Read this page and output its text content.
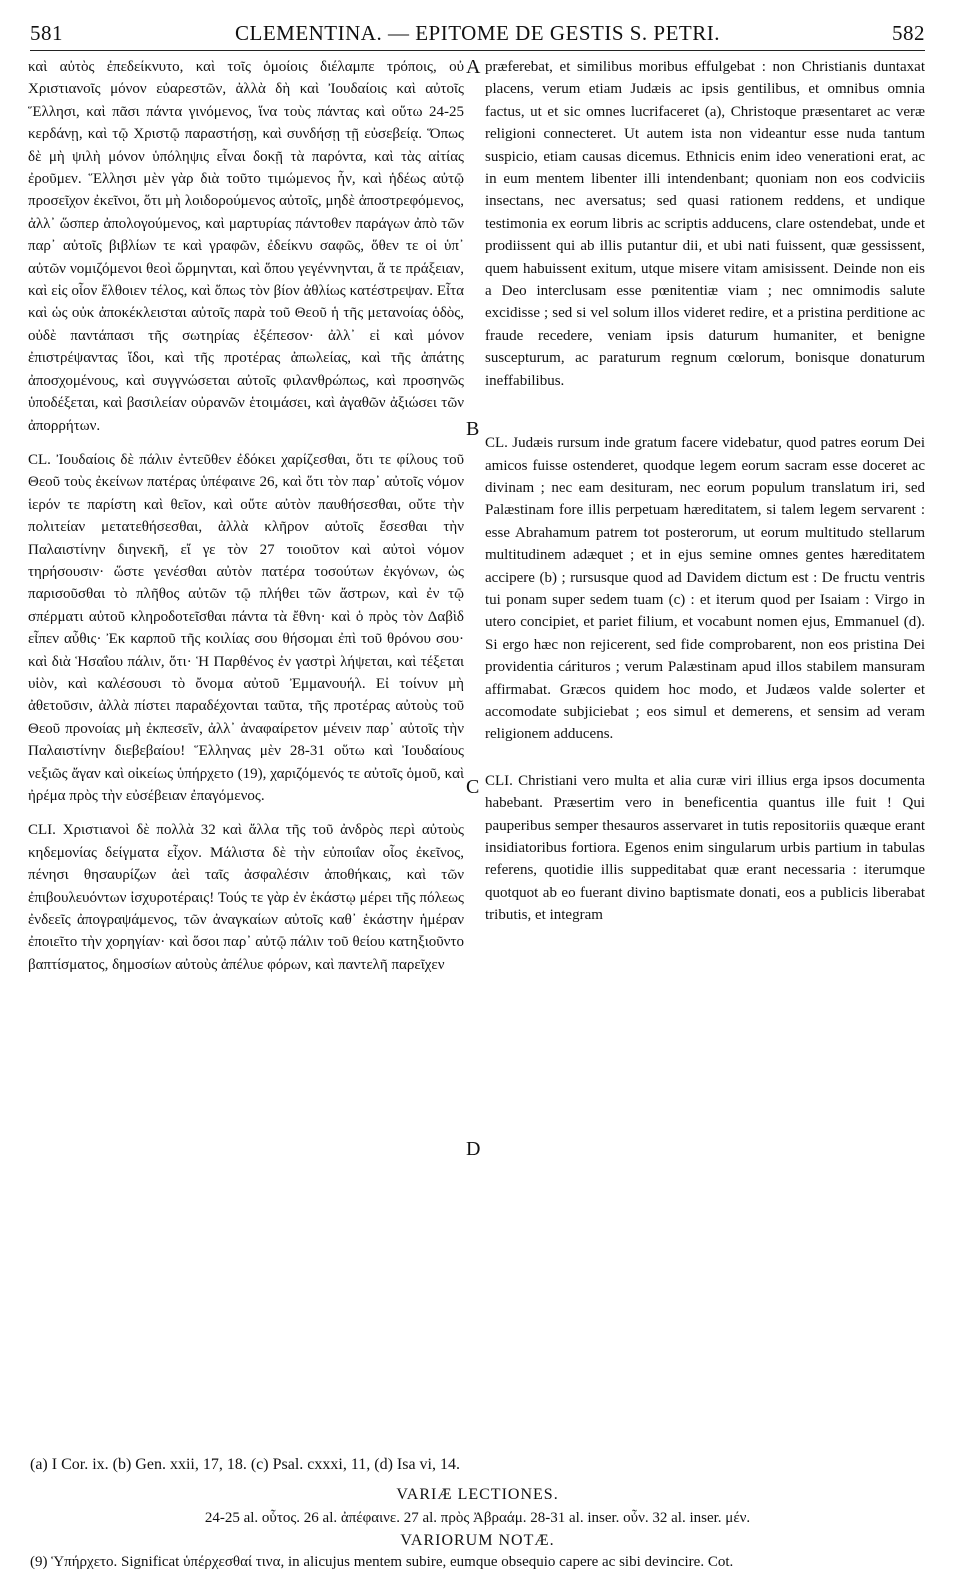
581	CLEMENTINA. — EPITOME DE GESTIS S. PETRI.	582
A
B
C
D

καὶ αὐτὸς ἐπεδείκνυτο, καὶ τοῖς ὁμοίοις διέλαμπε τρόποις, οὐ Χριστιανοῖς μόνον εὐαρεστῶν, ἀλλὰ δὴ καὶ Ἰουδαίοις καὶ αὐτοῖς Ἕλλησι, καὶ πᾶσι πάντα γινόμενος, ἵνα τοὺς πάντας καὶ οὕτω 24-25 κερδάνῃ, καὶ τῷ Χριστῷ παραστήσῃ, καὶ συνδήσῃ τῇ εὐσεβείᾳ. Ὅπως δὲ μὴ ψιλὴ μόνον ὑπόληψις εἶναι δοκῇ τὰ παρόντα, καὶ τὰς αἰτίας ἐροῦμεν. Ἕλλησι μὲν γὰρ διὰ τοῦτο τιμώμενος ἦν, καὶ ἡδέως αὐτῷ προσεῖχον ἐκεῖνοι, ὅτι μὴ λοιδορούμενος αὐτοῖς, μηδὲ ἀποστρεφόμενος, ἀλλ᾽ ὥσπερ ἀπολογούμενος, καὶ μαρτυρίας πάντοθεν παράγων ἀπὸ τῶν παρ᾽ αὐτοῖς βιβλίων τε καὶ γραφῶν, ἐδείκνυ σαφῶς, ὅθεν τε οἱ ὑπ᾽ αὐτῶν νομιζόμενοι θεοὶ ὥρμηνται, καὶ ὅπου γεγέννηνται, ἅ τε πράξειαν, καὶ εἰς οἷον ἔλθοιεν τέλος, καὶ ὅπως τὸν βίον ἀθλίως κατέστρεψαν. Εἶτα καὶ ὡς οὐκ ἀποκέκλεισται αὐτοῖς παρὰ τοῦ Θεοῦ ἡ τῆς μετανοίας ὁδὸς, οὐδὲ παντάπασι τῆς σωτηρίας ἐξέπεσον· ἀλλ᾽ εἰ καὶ μόνον ἐπιστρέψαντας ἴδοι, καὶ τῆς προτέρας ἀπωλείας, καὶ τῆς ἀπάτης ἀποσχομένους, καὶ συγγνώσεται αὐτοῖς φιλανθρώπως, καὶ προσηνῶς ὑποδέξεται, καὶ βασιλείαν οὐρανῶν ἑτοιμάσει, καὶ ἀγαθῶν ἀξιώσει τῶν ἀπορρήτων.

CL. Ἰουδαίοις δὲ πάλιν ἐντεῦθεν ἐδόκει χαρίζεσθαι, ὅτι τε φίλους τοῦ Θεοῦ τοὺς ἐκείνων πατέρας ὑπέφαινε 26, καὶ ὅτι τὸν παρ᾽ αὐτοῖς νόμον ἱερόν τε παρίστη καὶ θεῖον, καὶ οὔτε αὐτὸν παυθήσεσθαι, οὔτε τὴν πολιτείαν μετατεθήσεσθαι, ἀλλὰ κλῆρον αὐτοῖς ἔσεσθαι τὴν Παλαιστίνην διηνεκῆ, εἴ γε τὸν 27 τοιοῦτον καὶ αὐτοὶ νόμον τηρήσουσιν· ὥστε γενέσθαι αὐτὸν πατέρα τοσούτων ἐκγόνων, ὡς παρισοῦσθαι τὸ πλῆθος αὐτῶν τῷ πλήθει τῶν ἄστρων, καὶ ἐν τῷ σπέρματι αὐτοῦ κληροδοτεῖσθαι πάντα τὰ ἔθνη· καὶ ὁ πρὸς τὸν Δαβὶδ εἶπεν αὖθις· Ἐκ καρποῦ τῆς κοιλίας σου θήσομαι ἐπὶ τοῦ θρόνου σου· καὶ διὰ Ἡσαΐου πάλιν, ὅτι· Ἡ Παρθένος ἐν γαστρὶ λήψεται, καὶ τέξεται υἱὸν, καὶ καλέσουσι τὸ ὄνομα αὐτοῦ Ἐμμανουήλ. Εἰ τοίνυν μὴ ἀθετοῦσιν, ἀλλὰ πίστει παραδέχονται ταῦτα, τῆς προτέρας αὐτοὺς τοῦ Θεοῦ προνοίας μὴ ἐκπεσεῖν, ἀλλ᾽ ἀναφαίρετον μένειν παρ᾽ αὐτοῖς τὴν Παλαιστίνην διεβεβαίου! Ἕλληνας μὲν 28-31 οὕτω καὶ Ἰουδαίους νεξιῶς ἄγαν καὶ οἰκείως ὑπήρχετο (19), χαριζόμενός τε αὐτοῖς ὁμοῦ, καὶ ἠρέμα πρὸς τὴν εὐσέβειαν ἐπαγόμενος.

CLI. Χριστιανοὶ δὲ πολλὰ 32 καὶ ἄλλα τῆς τοῦ ἀνδρὸς περὶ αὐτοὺς κηδεμονίας δείγματα εἶχον. Μάλιστα δὲ τὴν εὐποιΐαν οἷος ἐκεῖνος, πένησι θησαυρίζων ἀεὶ ταῖς ἀσφαλέσιν ἀποθήκαις, καὶ τῶν ἐπιβουλευόντων ἰσχυροτέραις! Τούς τε γὰρ ἐν ἑκάστῳ μέρει τῆς πόλεως ἐνδεεῖς ἀπογραψάμενος, τῶν ἀναγκαίων αὐτοῖς καθ᾽ ἑκάστην ἡμέραν ἐποιεῖτο τὴν χορηγίαν· καὶ ὅσοι παρ᾽ αὐτῷ πάλιν τοῦ θείου κατηξιοῦντο βαπτίσματος, δημοσίων αὐτοὺς ἀπέλυε φόρων, καὶ παντελῆ παρεῖχεν

præferebat, et similibus moribus effulgebat : non Christianis duntaxat placens, verum etiam Judæis ac ipsis gentilibus, et omnibus omnia factus, ut et sic omnes lucrifaceret (a), Christoque præsentaret ac veræ religioni connecteret. Ut autem ista non videantur esse nuda tantum suspicio, etiam causas dicemus. Ethnicis enim ideo venerationi erat, ac in eum mentem libenter illi intendenbant; quoniam non eos codviciis insectans, nec aversatus; sed quasi rationem reddens, et undique testimonia ex eorum libris ac scriptis adducens, clare ostendebat, unde et prodiissent qui ab illis putantur dii, et ubi nati fuissent, quæ gessissent, quem habuissent exitum, utque misere vitam amisissent. Deinde non eis a Deo interclusam esse pœnitentiæ viam ; nec omnimodis salute excidisse ; sed si vel solum illos videret redire, et a pristina perditione ac fraude recedere, veniam ipsis daturum humaniter, et benigne suscepturum, ac paraturum regnum cœlorum, bonisque donaturum ineffabilibus.

CL. Judæis rursum inde gratum facere videbatur, quod patres eorum Dei amicos fuisse ostenderet, quodque legem eorum sacram esse doceret ac divinam ; nec eam desituram, nec eorum populum translatum iri, sed Palæstinam fore illis perpetuam hæreditatem, si talem legem servarent : esse Abrahamum patrem tot posterorum, ut eorum multitudo stellarum multitudinem adæquet ; et in ejus semine omnes gentes hæreditatem accipere (b) ; rursusque quod ad Davidem dictum est : De fructu ventris tui ponam super sedem tuam (c) : et iterum quod per Isaiam : Virgo in utero concipiet, et pariet filium, et vocabunt nomen ejus, Emmanuel (d). Si ergo hæc non rejicerent, sed fide comprobarent, non eos pristina Dei providentia cárituros ; verum Palæstinam apud illos stabilem mansuram affirmabat. Græcos quidem hoc modo, et Judæos valde solerter et accomodate subjiciebat ; eos simul et demerens, et sensim ad veram religionem adducens.

CLI. Christiani vero multa et alia curæ viri illius erga ipsos documenta habebant. Præsertim vero in beneficentia quantus ille fuit ! Qui pauperibus semper thesauros asservaret in tutis repositoriis quæque erant insidiatoribus fortiora. Egenos enim singularum urbis partium in tabulas referens, quotidie illis suppeditabat quæ erant necessaria : iterumque quotquot ab eo fuerant divino baptismate donati, eos a publicis liberabat tributis, et integram

(a) I Cor. ix. (b) Gen. xxii, 17, 18. (c) Psal. cxxxi, 11, (d) Isa vi, 14.
VARIÆ LECTIONES.
24-25 al. οὗτος. 26 al. ἀπέφαινε. 27 al. πρὸς Ἀβραάμ. 28-31 al. inser. οὖν. 32 al. inser. μέν.
VARIORUM NOTÆ.
(9) Ὑπήρχετο. Significat ὑπέρχεσθαί τινα, in alicujus mentem subire, eumque obsequio capere ac sibi devincire. Cot.
